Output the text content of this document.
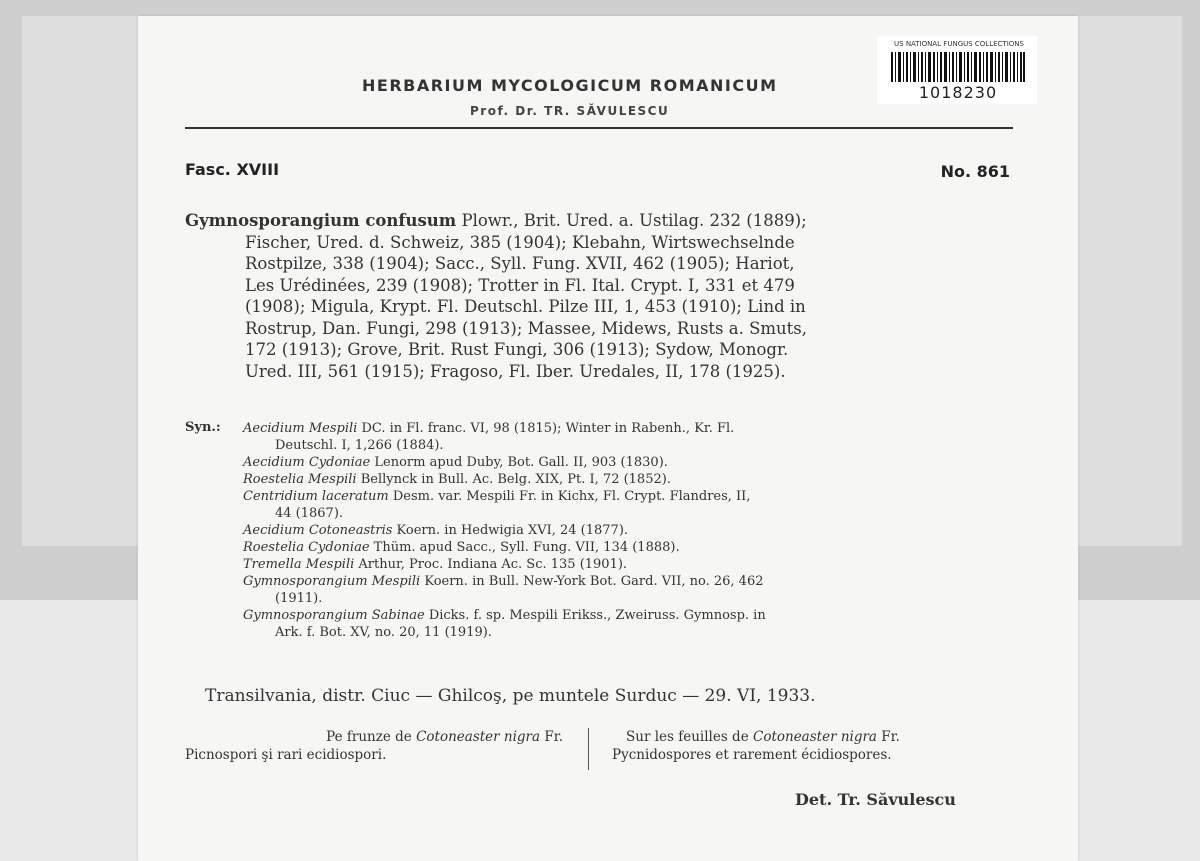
US NATIONAL FUNGUS COLLECTIONS
1018230
HERBARIUM MYCOLOGICUM ROMANICUM
Prof. Dr. TR. SĂVULESCU
Fasc. XVIII	No. 861
Gymnosporangium confusum Plowr., Brit. Ured. a. Ustilag. 232 (1889);
Fischer, Ured. d. Schweiz, 385 (1904); Klebahn, Wirtswechselnde
Rostpilze, 338 (1904); Sacc., Syll. Fung. XVII, 462 (1905); Hariot,
Les Urédinées, 239 (1908); Trotter in Fl. Ital. Crypt. I, 331 et 479
(1908); Migula, Krypt. Fl. Deutschl. Pilze III, 1, 453 (1910); Lind in
Rostrup, Dan. Fungi, 298 (1913); Massee, Midews, Rusts a. Smuts,
172 (1913); Grove, Brit. Rust Fungi, 306 (1913); Sydow, Monogr.
Ured. III, 561 (1915); Fragoso, Fl. Iber. Uredales, II, 178 (1925).
Syn.: Aecidium Mespili DC. in Fl. franc. VI, 98 (1815); Winter in Rabenh., Kr. Fl.
Deutschl. I, 1,266 (1884).
Aecidium Cydoniae Lenorm apud Duby, Bot. Gall. II, 903 (1830).
Roestelia Mespili Bellynck in Bull. Ac. Belg. XIX, Pt. I, 72 (1852).
Centridium laceratum Desm. var. Mespili Fr. in Kichx, Fl. Crypt. Flandres, II,
44 (1867).
Aecidium Cotoneastris Koern. in Hedwigia XVI, 24 (1877).
Roestelia Cydoniae Thüm. apud Sacc., Syll. Fung. VII, 134 (1888).
Tremella Mespili Arthur, Proc. Indiana Ac. Sc. 135 (1901).
Gymnosporangium Mespili Koern. in Bull. New-York Bot. Gard. VII, no. 26, 462
(1911).
Gymnosporangium Sabinae Dicks. f. sp. Mespili Erikss., Zweiruss. Gymnosp. in
Ark. f. Bot. XV, no. 20, 11 (1919).
Transilvania, distr. Ciuc — Ghilcoş, pe muntele Surduc — 29. VI, 1933.
Pe frunze de Cotoneaster nigra Fr.
Picnospori şi rari ecidiospori.
Sur les feuilles de Cotoneaster nigra Fr.
Pycnidospores et rarement écidiospores.
Det. Tr. Săvulescu
